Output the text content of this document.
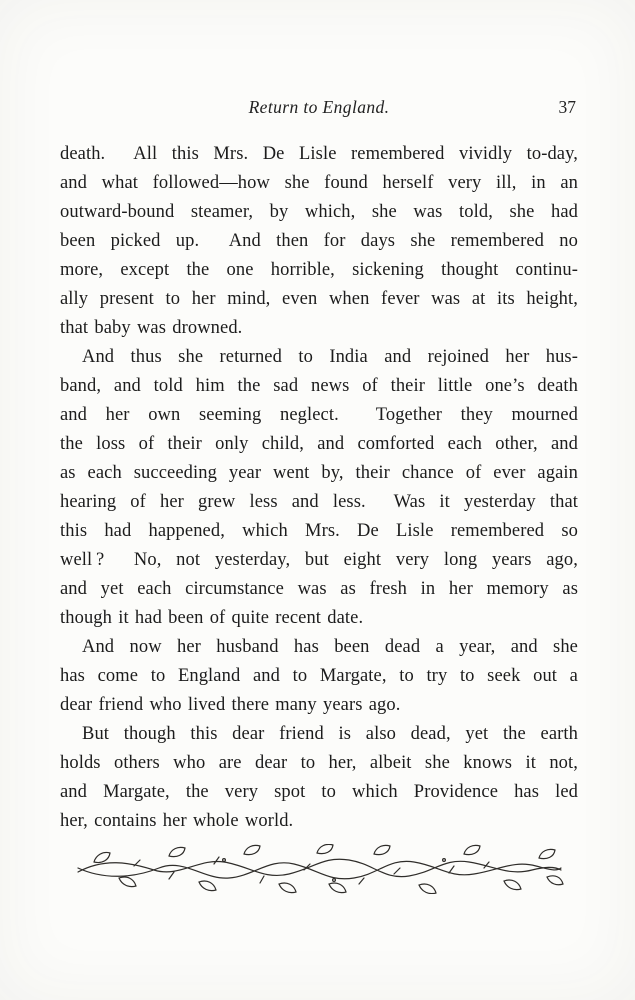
Return to England.	37
death.  All this Mrs. De Lisle remembered vividly to-day,
and what followed—how she found herself very ill, in an
outward-bound steamer, by which, she was told, she had
been picked up.  And then for days she remembered no
more, except the one horrible, sickening thought continu-
ally present to her mind, even when fever was at its height,
that baby was drowned.
And thus she returned to India and rejoined her hus-
band, and told him the sad news of their little one’s death
and her own seeming neglect.  Together they mourned
the loss of their only child, and comforted each other, and
as each succeeding year went by, their chance of ever again
hearing of her grew less and less.  Was it yesterday that
this had happened, which Mrs. De Lisle remembered so
well ?  No, not yesterday, but eight very long years ago,
and yet each circumstance was as fresh in her memory as
though it had been of quite recent date.
And now her husband has been dead a year, and she
has come to England and to Margate, to try to seek out a
dear friend who lived there many years ago.
But though this dear friend is also dead, yet the earth
holds others who are dear to her, albeit she knows it not,
and Margate, the very spot to which Providence has led
her, contains her whole world.
